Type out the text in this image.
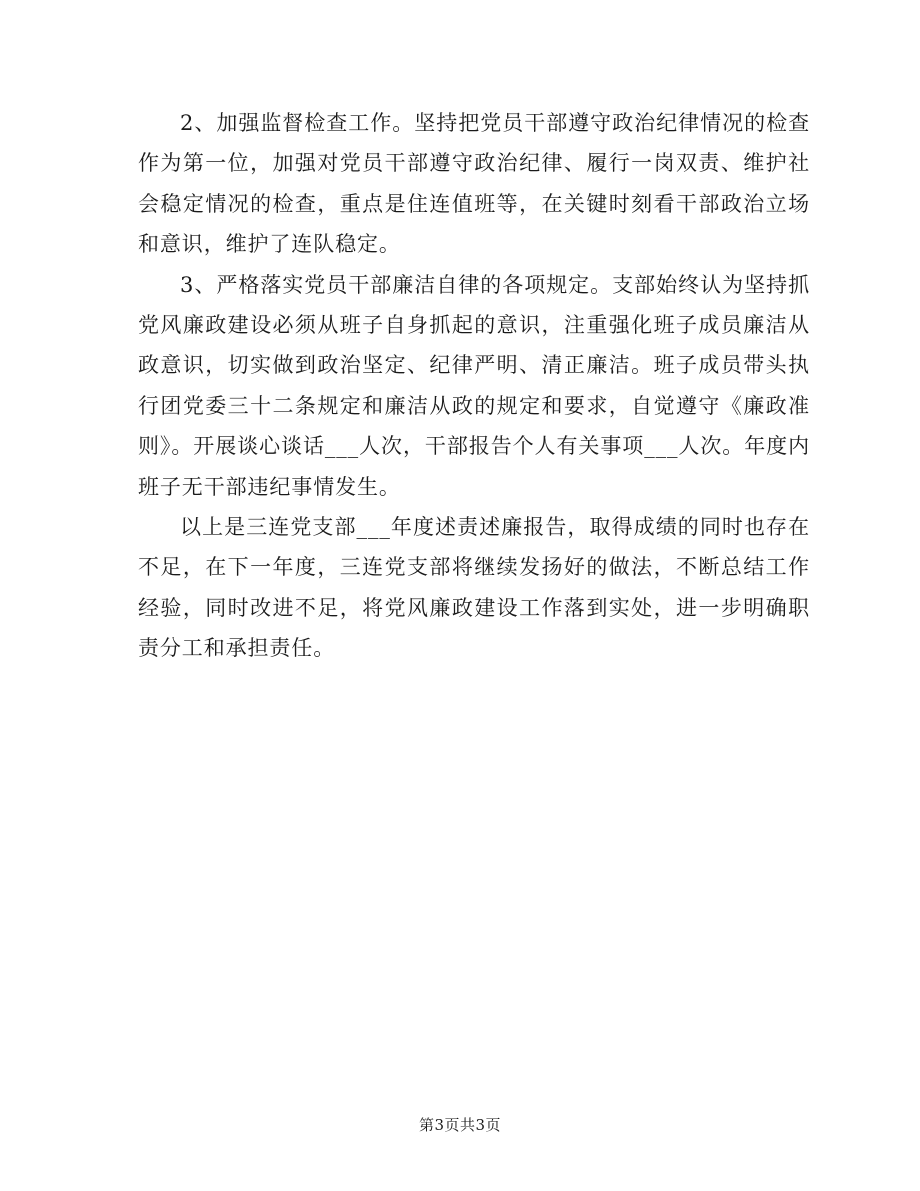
2、加强监督检查工作。坚持把党员干部遵守政治纪律情况的检查作为第一位，加强对党员干部遵守政治纪律、履行一岗双责、维护社会稳定情况的检查，重点是住连值班等，在关键时刻看干部政治立场和意识，维护了连队稳定。

3、严格落实党员干部廉洁自律的各项规定。支部始终认为坚持抓党风廉政建设必须从班子自身抓起的意识，注重强化班子成员廉洁从政意识，切实做到政治坚定、纪律严明、清正廉洁。班子成员带头执行团党委三十二条规定和廉洁从政的规定和要求，自觉遵守《廉政准则》。开展谈心谈话___人次，干部报告个人有关事项___人次。年度内班子无干部违纪事情发生。

以上是三连党支部___年度述责述廉报告，取得成绩的同时也存在不足，在下一年度，三连党支部将继续发扬好的做法，不断总结工作经验，同时改进不足，将党风廉政建设工作落到实处，进一步明确职责分工和承担责任。

第3页共3页
